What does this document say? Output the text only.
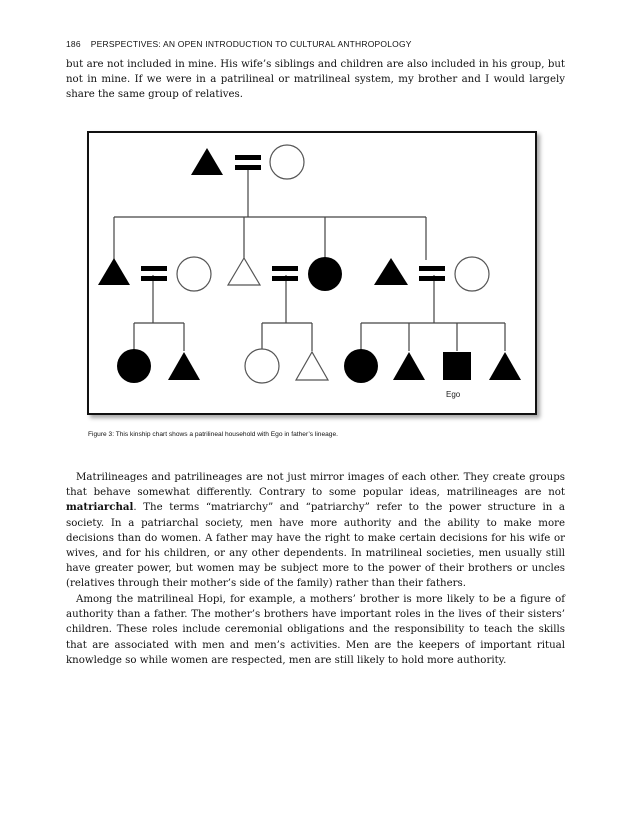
186 PERSPECTIVES: AN OPEN INTRODUCTION TO CULTURAL ANTHROPOLOGY

but are not included in mine. His wife’s siblings and children are also included in his group, but not in mine. If we were in a patrilineal or matrilineal system, my brother and I would largely share the same group of relatives.

Ego
Figure 3: This kinship chart shows a patrilineal household with Ego in father’s lineage.

Matrilineages and patrilineages are not just mirror images of each other. They create groups that behave somewhat differently. Contrary to some popular ideas, matrilineages are not matriarchal. The terms “matriarchy” and “patriarchy” refer to the power structure in a society. In a patriarchal society, men have more authority and the ability to make more decisions than do women. A father may have the right to make certain decisions for his wife or wives, and for his children, or any other dependents. In matrilineal societies, men usually still have greater power, but women may be subject more to the power of their brothers or uncles (relatives through their mother’s side of the family) rather than their fathers.

Among the matrilineal Hopi, for example, a mothers’ brother is more likely to be a figure of authority than a father. The mother’s brothers have important roles in the lives of their sisters’ children. These roles include ceremonial obligations and the responsibility to teach the skills that are associated with men and men’s activities. Men are the keepers of important ritual knowledge so while women are respected, men are still likely to hold more authority.
